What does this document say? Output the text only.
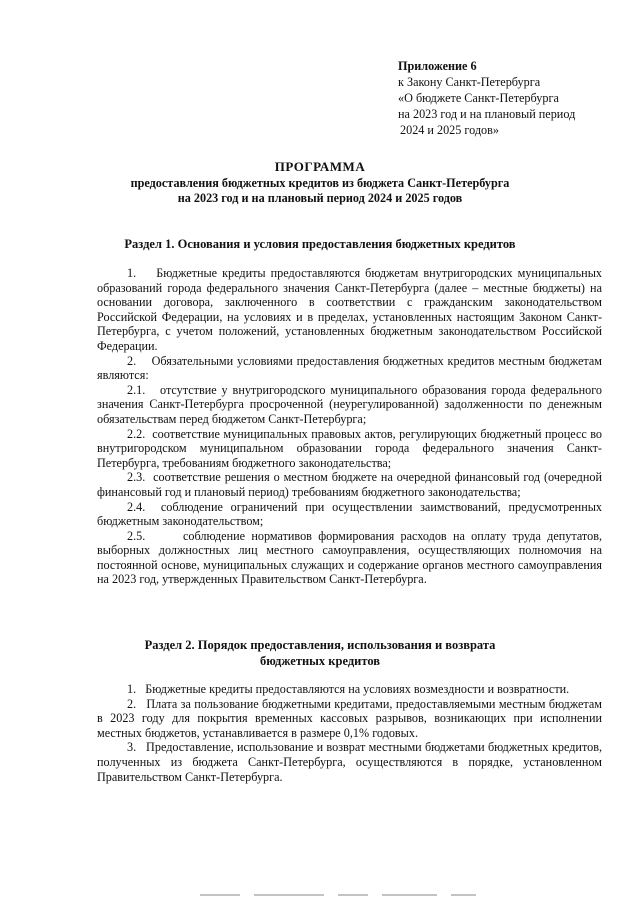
Приложение 6
к Закону Санкт-Петербурга
«О бюджете Санкт-Петербурга
на 2023 год и на плановый период
2024 и 2025 годов»
ПРОГРАММА
предоставления бюджетных кредитов из бюджета Санкт-Петербурга
на 2023 год и на плановый период 2024 и 2025 годов
Раздел 1. Основания и условия предоставления бюджетных кредитов

1.    Бюджетные кредиты предоставляются бюджетам внутригородских муниципальных образований города федерального значения Санкт-Петербурга (далее – местные бюджеты) на основании договора, заключенного в соответствии с гражданским законодательством Российской Федерации, на условиях и в пределах, установленных настоящим Законом Санкт-Петербурга, с учетом положений, установленных бюджетным законодательством Российской Федерации.

2.    Обязательными условиями предоставления бюджетных кредитов местным бюджетам являются:

2.1.   отсутствие у внутригородского муниципального образования города федерального значения Санкт-Петербурга просроченной (неурегулированной) задолженности по денежным обязательствам перед бюджетом Санкт-Петербурга;

2.2.  соответствие муниципальных правовых актов, регулирующих бюджетный процесс во внутригородском муниципальном образовании города федерального значения Санкт-Петербурга, требованиям бюджетного законодательства;

2.3.  соответствие решения о местном бюджете на очередной финансовый год (очередной финансовый год и плановый период) требованиям бюджетного законодательства;

2.4.  соблюдение ограничений при осуществлении заимствований, предусмотренных бюджетным законодательством;

2.5.      соблюдение нормативов формирования расходов на оплату труда депутатов, выборных должностных лиц местного самоуправления, осуществляющих полномочия на постоянной основе, муниципальных служащих и содержание органов местного самоуправления на 2023 год, утвержденных Правительством Санкт-Петербурга.

Раздел 2. Порядок предоставления, использования и возврата
бюджетных кредитов

1.   Бюджетные кредиты предоставляются на условиях возмездности и возвратности.

2.   Плата за пользование бюджетными кредитами, предоставляемыми местным бюджетам в 2023 году для покрытия временных кассовых разрывов, возникающих при исполнении местных бюджетов, устанавливается в размере 0,1% годовых.

3.   Предоставление, использование и возврат местными бюджетами бюджетных кредитов, полученных из бюджета Санкт-Петербурга, осуществляются в порядке, установленном Правительством Санкт-Петербурга.
